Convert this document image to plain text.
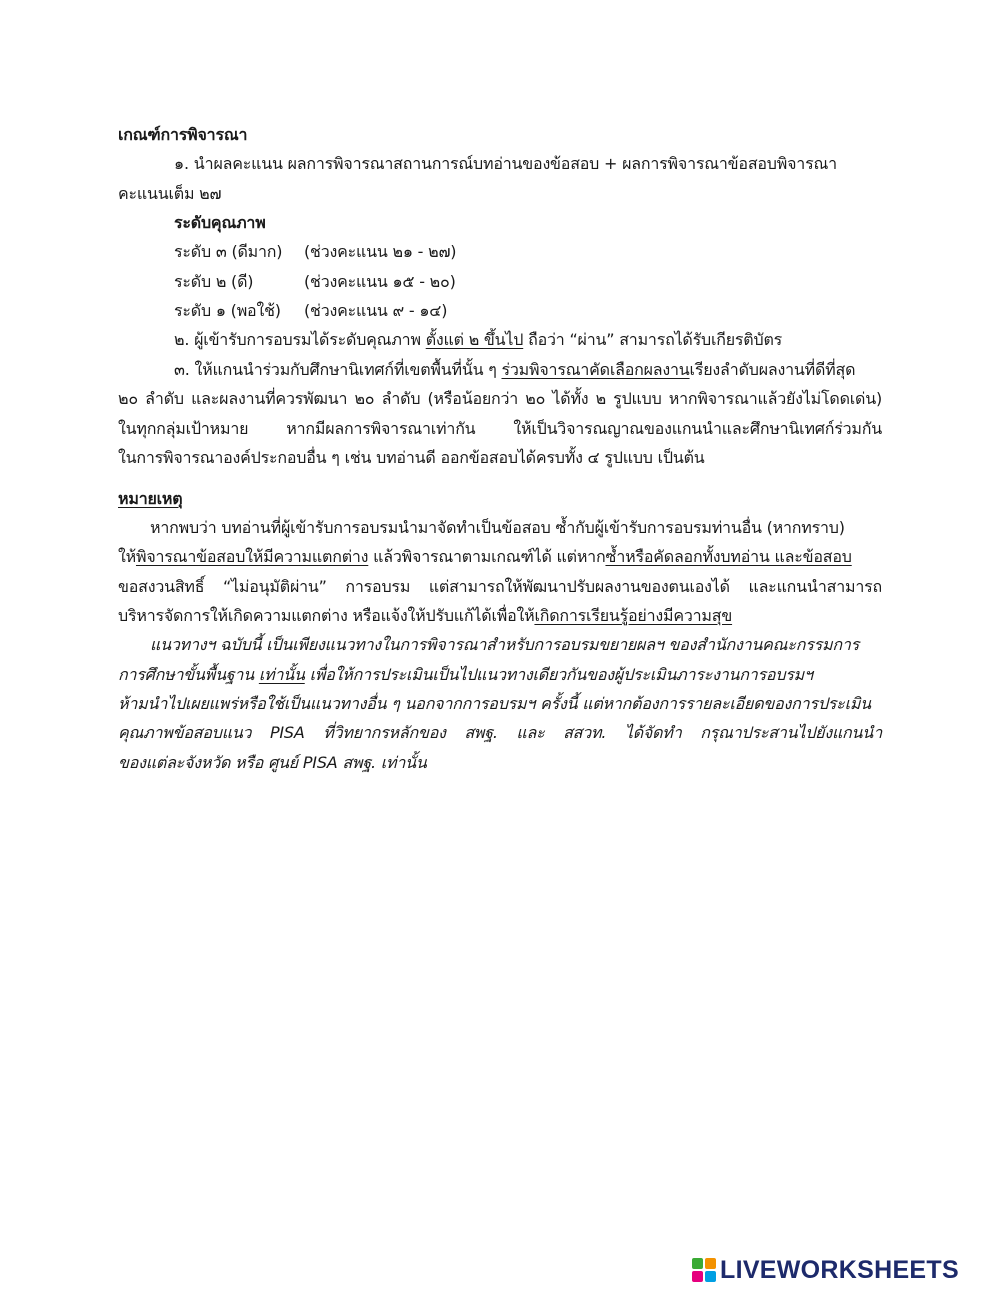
เกณฑ์การพิจารณา
๑. นำผลคะแนน ผลการพิจารณาสถานการณ์บทอ่านของข้อสอบ + ผลการพิจารณาข้อสอบพิจารณา
คะแนนเต็ม ๒๗
ระดับคุณภาพ
ระดับ ๓ (ดีมาก) (ช่วงคะแนน ๒๑ - ๒๗)
ระดับ ๒ (ดี)	(ช่วงคะแนน ๑๕ - ๒๐)
ระดับ ๑ (พอใช้) (ช่วงคะแนน ๙ - ๑๔)
๒. ผู้เข้ารับการอบรมได้ระดับคุณภาพ ตั้งแต่ ๒ ขึ้นไป ถือว่า “ผ่าน” สามารถได้รับเกียรติบัตร
๓. ให้แกนนำร่วมกับศึกษานิเทศก์ที่เขตพื้นที่นั้น ๆ ร่วมพิจารณาคัดเลือกผลงานเรียงลำดับผลงานที่ดีที่สุด
๒๐ ลำดับ และผลงานที่ควรพัฒนา ๒๐ ลำดับ (หรือน้อยกว่า ๒๐ ได้ทั้ง ๒ รูปแบบ หากพิจารณาแล้วยังไม่โดดเด่น)
ในทุกกลุ่มเป้าหมาย หากมีผลการพิจารณาเท่ากัน ให้เป็นวิจารณญาณของแกนนำและศึกษานิเทศก์ร่วมกัน
ในการพิจารณาองค์ประกอบอื่น ๆ เช่น บทอ่านดี ออกข้อสอบได้ครบทั้ง ๔ รูปแบบ เป็นต้น
หมายเหตุ
หากพบว่า บทอ่านที่ผู้เข้ารับการอบรมนำมาจัดทำเป็นข้อสอบ ซ้ำกับผู้เข้ารับการอบรมท่านอื่น (หากทราบ)
ให้พิจารณาข้อสอบให้มีความแตกต่าง แล้วพิจารณาตามเกณฑ์ได้ แต่หากซ้ำหรือคัดลอกทั้งบทอ่าน และข้อสอบ
ขอสงวนสิทธิ์ “ไม่อนุมัติผ่าน” การอบรม แต่สามารถให้พัฒนาปรับผลงานของตนเองได้ และแกนนำสามารถ
บริหารจัดการให้เกิดความแตกต่าง หรือแจ้งให้ปรับแก้ได้เพื่อให้เกิดการเรียนรู้อย่างมีความสุข
แนวทางฯ ฉบับนี้ เป็นเพียงแนวทางในการพิจารณาสำหรับการอบรมขยายผลฯ ของสำนักงานคณะกรรมการ
การศึกษาขั้นพื้นฐาน เท่านั้น เพื่อให้การประเมินเป็นไปแนวทางเดียวกันของผู้ประเมินภาระงานการอบรมฯ
ห้ามนำไปเผยแพร่หรือใช้เป็นแนวทางอื่น ๆ นอกจากการอบรมฯ ครั้งนี้ แต่หากต้องการรายละเอียดของการประเมิน
คุณภาพข้อสอบแนว PISA ที่วิทยากรหลักของ สพฐ. และ สสวท. ได้จัดทำ กรุณาประสานไปยังแกนนำ
ของแต่ละจังหวัด หรือ ศูนย์ PISA สพฐ. เท่านั้น
LIVEWORKSHEETS
